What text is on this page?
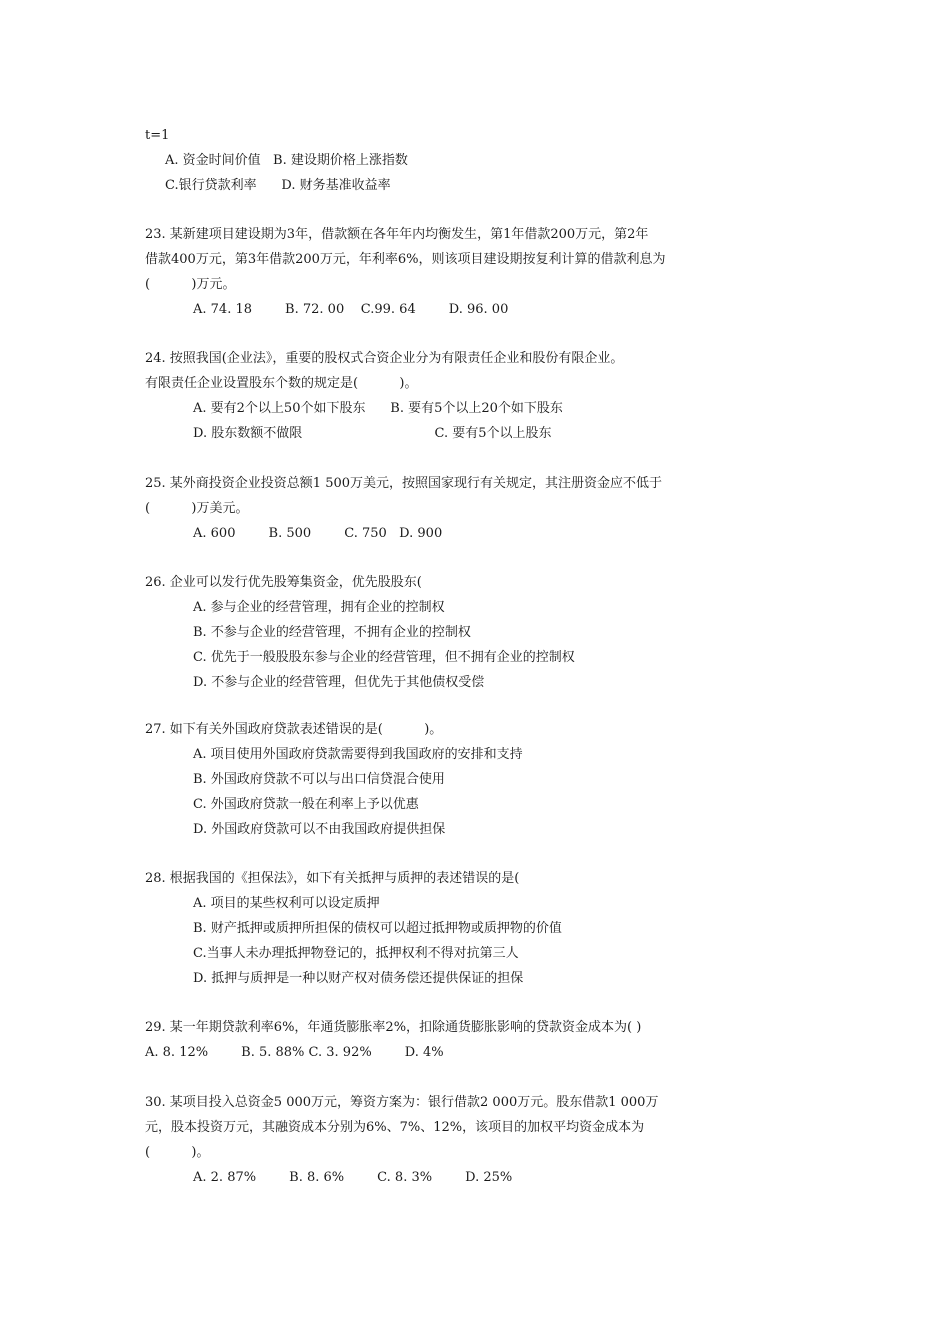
t=1
A. 资金时间价值   B. 建设期价格上涨指数
C.银行贷款利率      D. 财务基准收益率
23. 某新建项目建设期为3年，借款额在各年年内均衡发生，第1年借款200万元，第2年
借款400万元，第3年借款200万元，年利率6%，则该项目建设期按复利计算的借款利息为
(          )万元。
A. 74. 18        B. 72. 00    C.99. 64        D. 96. 00
24. 按照我国(企业法》，重要的股权式合资企业分为有限责任企业和股份有限企业。
有限责任企业设置股东个数的规定是(          )。
A. 要有2个以上50个如下股东      B. 要有5个以上20个如下股东
D. 股东数额不做限                                C. 要有5个以上股东
25. 某外商投资企业投资总额1 500万美元，按照国家现行有关规定，其注册资金应不低于
(          )万美元。
A. 600        B. 500        C. 750   D. 900
26. 企业可以发行优先股筹集资金，优先股股东(
A. 参与企业的经营管理，拥有企业的控制权
B. 不参与企业的经营管理，不拥有企业的控制权
C. 优先于一般股股东参与企业的经营管理，但不拥有企业的控制权
D. 不参与企业的经营管理，但优先于其他债权受偿
27. 如下有关外国政府贷款表述错误的是(          )。
A. 项目使用外国政府贷款需要得到我国政府的安排和支持
B. 外国政府贷款不可以与出口信贷混合使用
C. 外国政府贷款一般在利率上予以优惠
D. 外国政府贷款可以不由我国政府提供担保
28. 根据我国的《担保法》，如下有关抵押与质押的表述错误的是(
A. 项目的某些权利可以设定质押
B. 财产抵押或质押所担保的债权可以超过抵押物或质押物的价值
C.当事人未办理抵押物登记的，抵押权利不得对抗第三人
D. 抵押与质押是一种以财产权对债务偿还提供保证的担保
29. 某一年期贷款利率6%，年通货膨胀率2%，扣除通货膨胀影响的贷款资金成本为( )
A. 8. 12%        B. 5. 88% C. 3. 92%        D. 4%
30. 某项目投入总资金5 000万元，筹资方案为：银行借款2 000万元。股东借款1 000万
元，股本投资万元，其融资成本分别为6%、7%、12%，该项目的加权平均资金成本为
(          )。
A. 2. 87%        B. 8. 6%        C. 8. 3%        D. 25%
